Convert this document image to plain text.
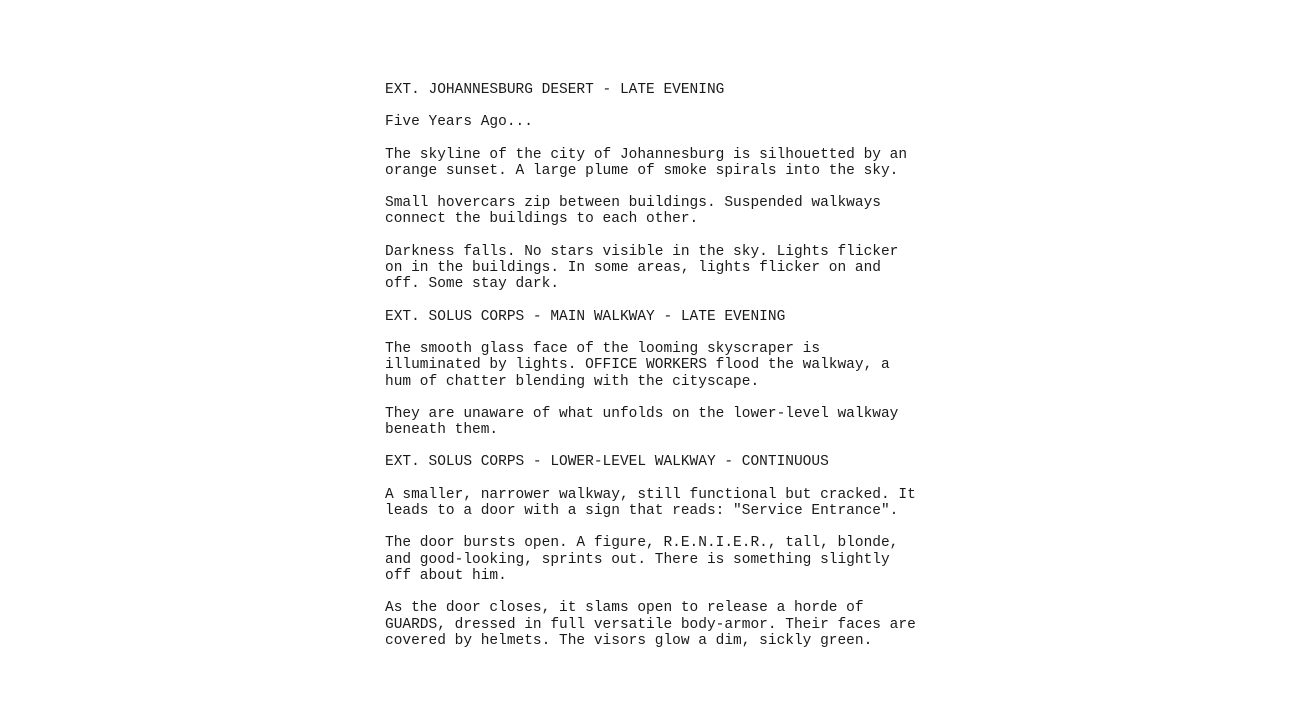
EXT. JOHANNESBURG DESERT - LATE EVENING

Five Years Ago...

The skyline of the city of Johannesburg is silhouetted by an
orange sunset. A large plume of smoke spirals into the sky.

Small hovercars zip between buildings. Suspended walkways
connect the buildings to each other.

Darkness falls. No stars visible in the sky. Lights flicker
on in the buildings. In some areas, lights flicker on and
off. Some stay dark.

EXT. SOLUS CORPS - MAIN WALKWAY - LATE EVENING

The smooth glass face of the looming skyscraper is
illuminated by lights. OFFICE WORKERS flood the walkway, a
hum of chatter blending with the cityscape.

They are unaware of what unfolds on the lower-level walkway
beneath them.

EXT. SOLUS CORPS - LOWER-LEVEL WALKWAY - CONTINUOUS

A smaller, narrower walkway, still functional but cracked. It
leads to a door with a sign that reads: "Service Entrance".

The door bursts open. A figure, R.E.N.I.E.R., tall, blonde,
and good-looking, sprints out. There is something slightly
off about him.

As the door closes, it slams open to release a horde of
GUARDS, dressed in full versatile body-armor. Their faces are
covered by helmets. The visors glow a dim, sickly green.
